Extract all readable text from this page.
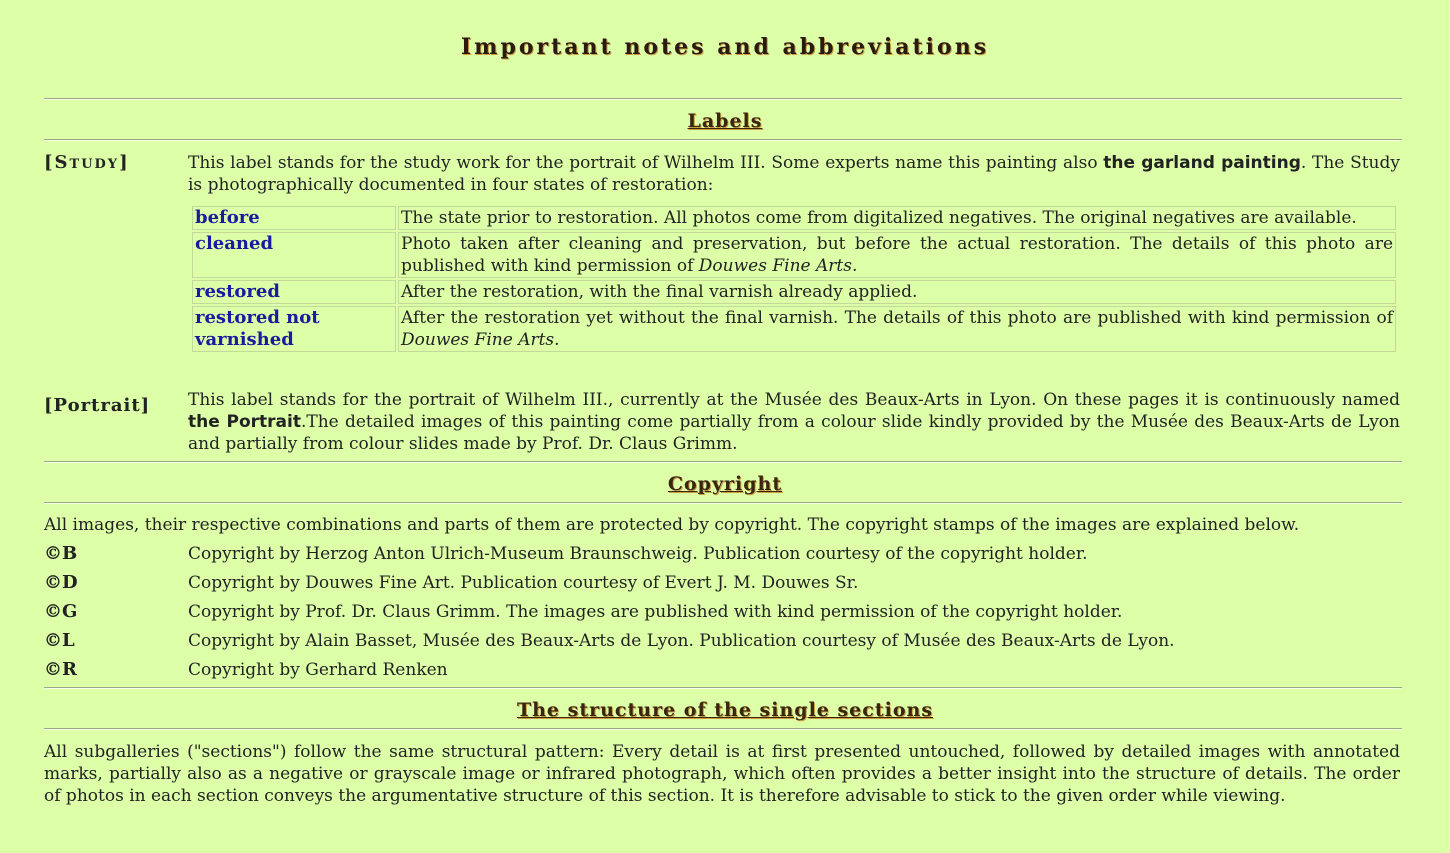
Important notes and abbreviations
Labels
[Study]	This label stands for the study work for the portrait of Wilhelm III. Some experts name this painting also the garland painting. The Study is photographically documented in four states of restoration:
before	The state prior to restoration. All photos come from digitalized negatives. The original negatives are available.
cleaned	Photo taken after cleaning and preservation, but before the actual restoration. The details of this photo are published with kind permission of Douwes Fine Arts.
restored	After the restoration, with the final varnish already applied.
restored not varnished	After the restoration yet without the final varnish. The details of this photo are published with kind permission of Douwes Fine Arts.
[Portrait] This label stands for the portrait of Wilhelm III., currently at the Musée des Beaux-Arts in Lyon. On these pages it is continuously named the Portrait.The detailed images of this painting come partially from a colour slide kindly provided by the Musée des Beaux-Arts de Lyon and partially from colour slides made by Prof. Dr. Claus Grimm.
Copyright
All images, their respective combinations and parts of them are protected by copyright. The copyright stamps of the images are explained below.
©B	Copyright by Herzog Anton Ulrich-Museum Braunschweig. Publication courtesy of the copyright holder.
©D	Copyright by Douwes Fine Art. Publication courtesy of Evert J. M. Douwes Sr.
©G	Copyright by Prof. Dr. Claus Grimm. The images are published with kind permission of the copyright holder.
©L	Copyright by Alain Basset, Musée des Beaux-Arts de Lyon. Publication courtesy of Musée des Beaux-Arts de Lyon.
©R	Copyright by Gerhard Renken
The structure of the single sections
All subgalleries ("sections") follow the same structural pattern: Every detail is at first presented untouched, followed by detailed images with annotated marks, partially also as a negative or grayscale image or infrared photograph, which often provides a better insight into the structure of details. The order of photos in each section conveys the argumentative structure of this section. It is therefore advisable to stick to the given order while viewing.
